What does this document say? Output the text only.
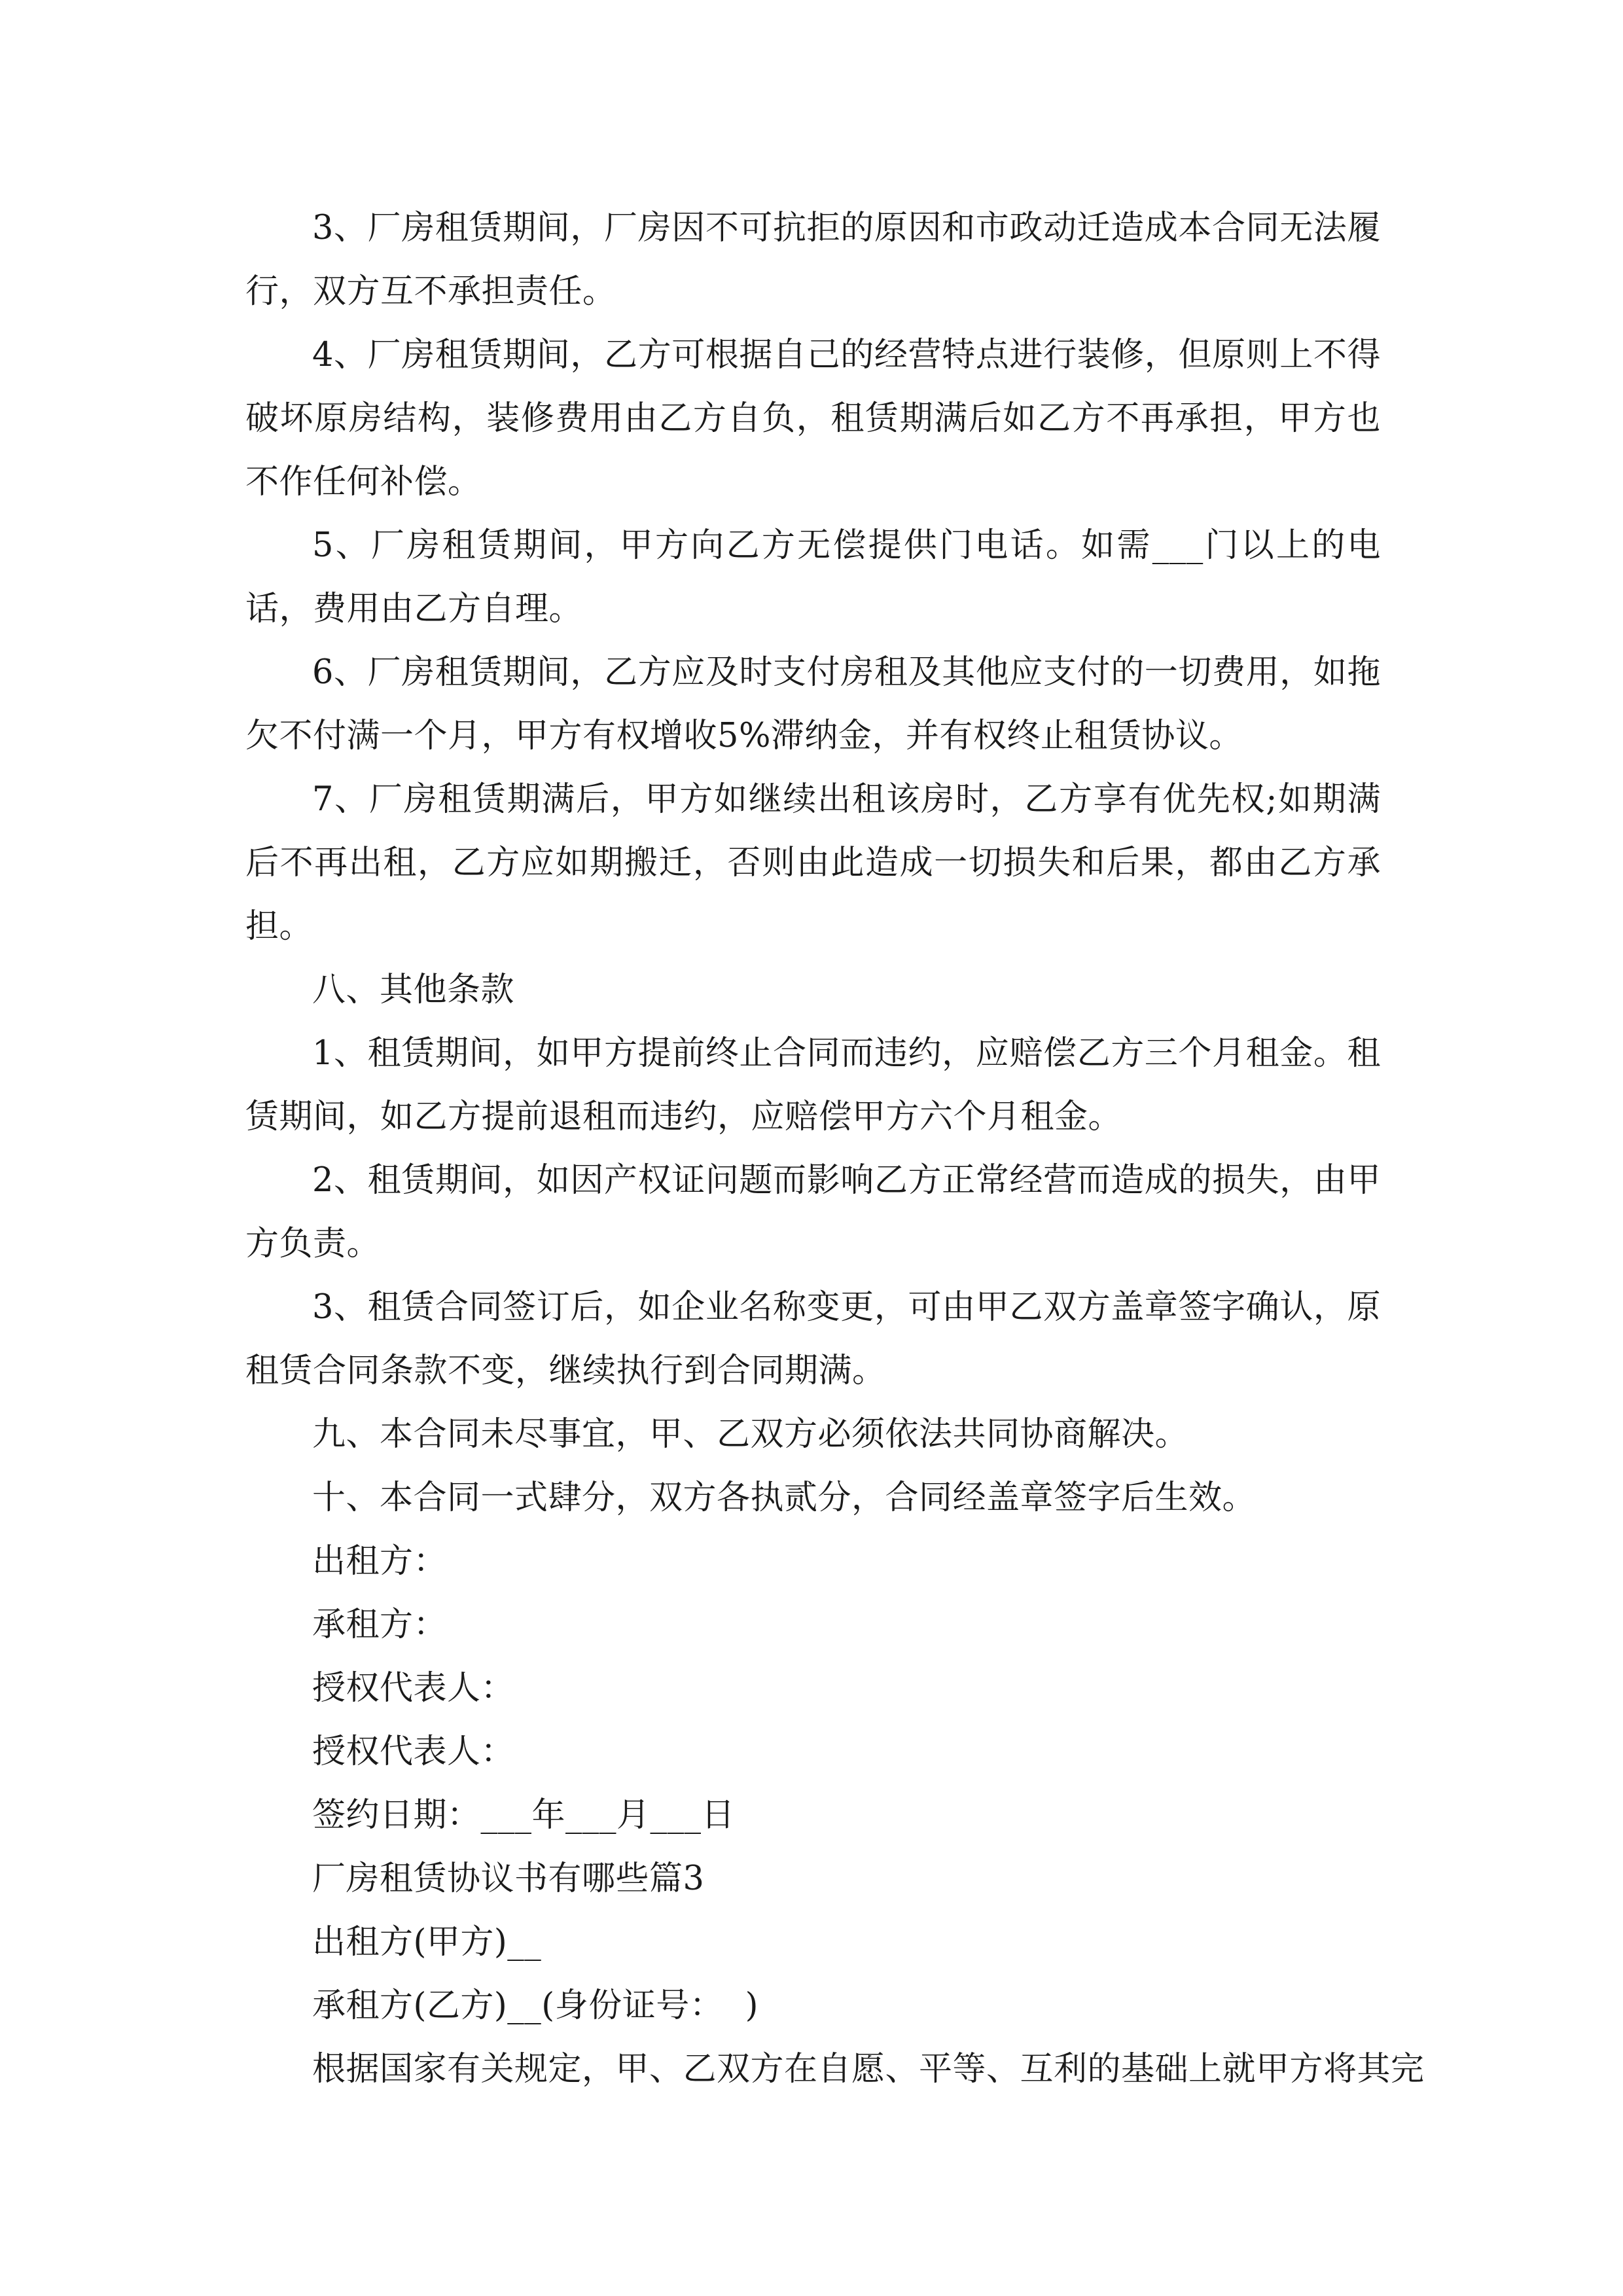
3、厂房租赁期间，厂房因不可抗拒的原因和市政动迁造成本合同无法履行，双方互不承担责任。

4、厂房租赁期间，乙方可根据自己的经营特点进行装修，但原则上不得破坏原房结构，装修费用由乙方自负，租赁期满后如乙方不再承担，甲方也不作任何补偿。

5、厂房租赁期间，甲方向乙方无偿提供门电话。如需___门以上的电话，费用由乙方自理。

6、厂房租赁期间，乙方应及时支付房租及其他应支付的一切费用，如拖欠不付满一个月，甲方有权增收5%滞纳金，并有权终止租赁协议。

7、厂房租赁期满后，甲方如继续出租该房时，乙方享有优先权;如期满后不再出租，乙方应如期搬迁，否则由此造成一切损失和后果，都由乙方承担。

八、其他条款

1、租赁期间，如甲方提前终止合同而违约，应赔偿乙方三个月租金。租赁期间，如乙方提前退租而违约，应赔偿甲方六个月租金。

2、租赁期间，如因产权证问题而影响乙方正常经营而造成的损失，由甲方负责。

3、租赁合同签订后，如企业名称变更，可由甲乙双方盖章签字确认，原租赁合同条款不变，继续执行到合同期满。

九、本合同未尽事宜，甲、乙双方必须依法共同协商解决。

十、本合同一式肆分，双方各执贰分，合同经盖章签字后生效。

出租方：

承租方：

授权代表人：

授权代表人：

签约日期：___年___月___日

厂房租赁协议书有哪些篇3

出租方(甲方)__

承租方(乙方)__(身份证号：  )

根据国家有关规定，甲、乙双方在自愿、平等、互利的基础上就甲方将其完
